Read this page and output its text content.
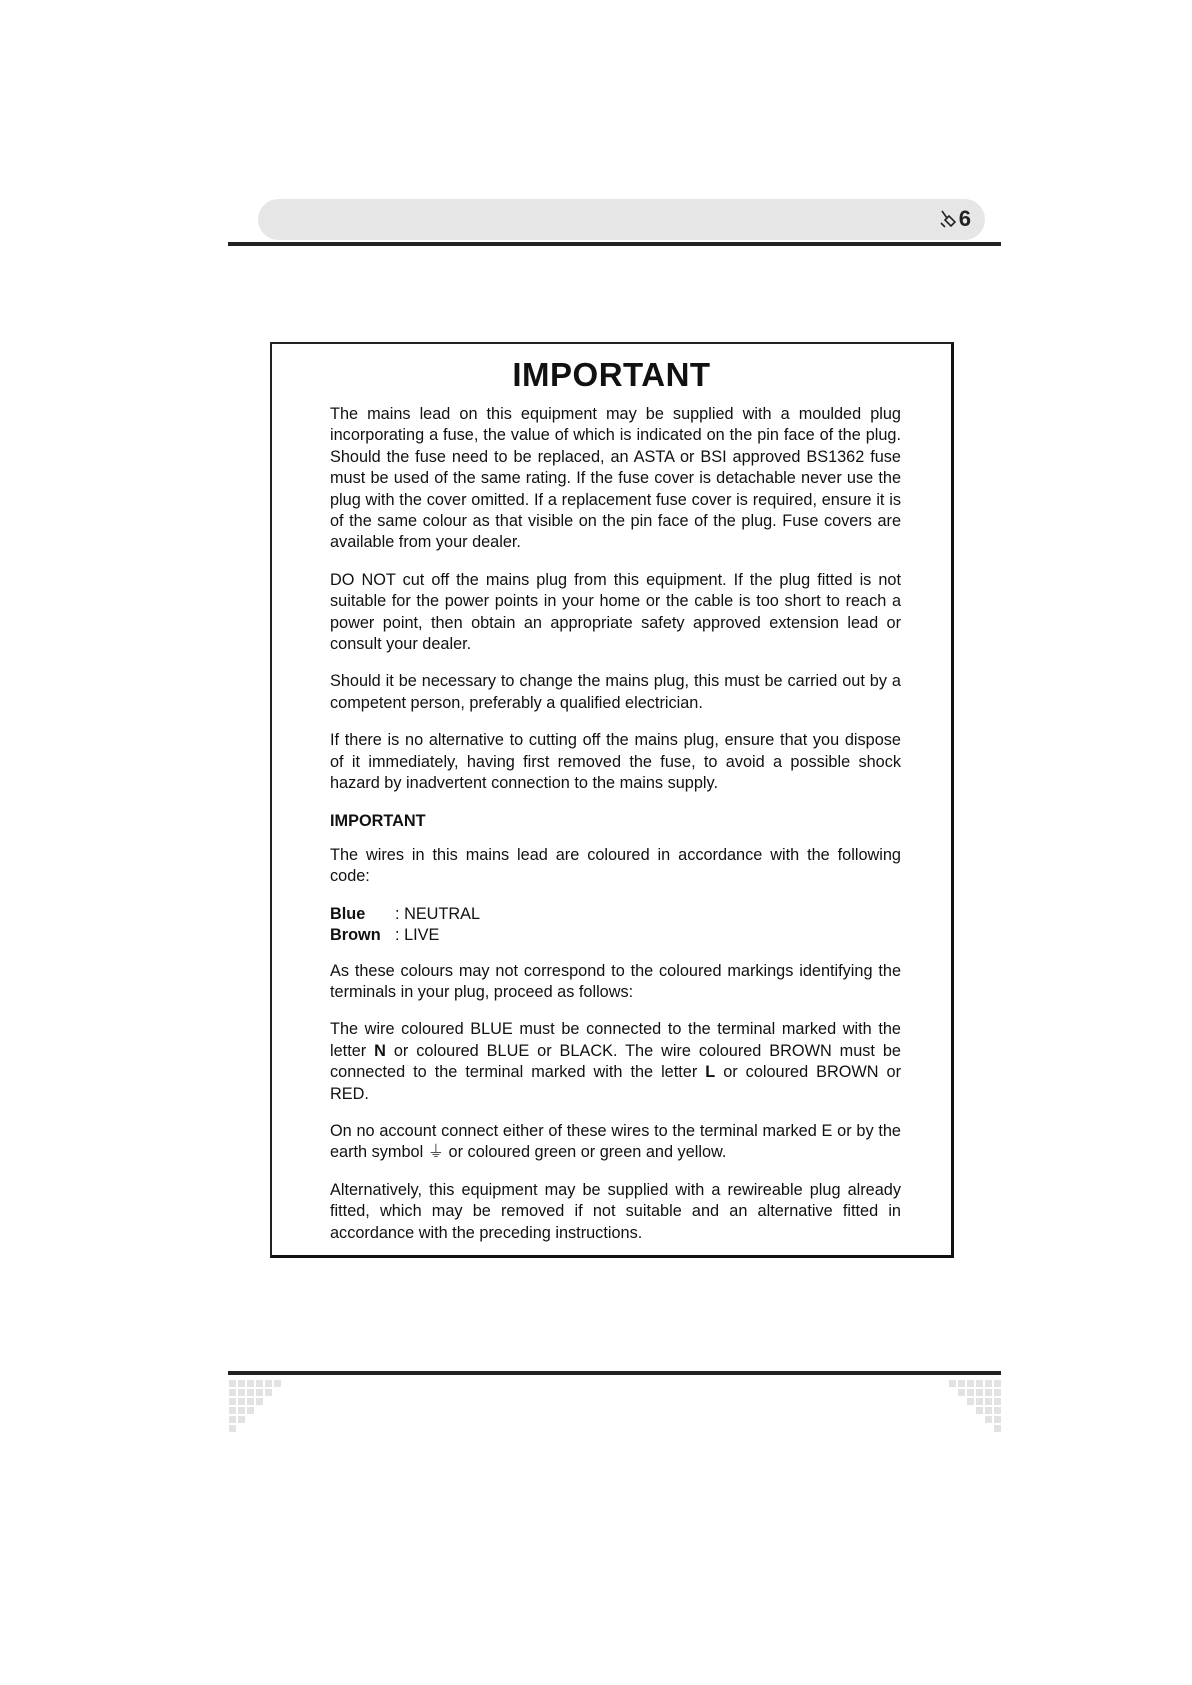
6
IMPORTANT

The mains lead on this equipment may be supplied with a moulded plug incorporating a fuse, the value of which is indicated on the pin face of the plug. Should the fuse need to be replaced, an ASTA or BSI approved BS1362 fuse must be used of the same rating. If the fuse cover is detachable never use the plug with the cover omitted. If a replacement fuse cover is required, ensure it is of the same colour as that visible on the pin face of the plug. Fuse covers are available from your dealer.

DO NOT cut off the mains plug from this equipment. If the plug fitted is not suitable for the power points in your home or the cable is too short to reach a power point, then obtain an appropriate safety approved extension lead or consult your dealer.

Should it be necessary to change the mains plug, this must be carried out by a competent person, preferably a qualified electrician.

If there is no alternative to cutting off the mains plug, ensure that you dispose of it immediately, having first removed the fuse, to avoid a possible shock hazard by inadvertent connection to the mains supply.

IMPORTANT

The wires in this mains lead are coloured in accordance with the following code:

Blue	:
NEUTRAL
Brown :
LIVE

As these colours may not correspond to the coloured markings identifying the terminals in your plug, proceed as follows:

The wire coloured BLUE must be connected to the terminal marked with the letter N or coloured BLUE or BLACK. The wire coloured BROWN must be connected to the terminal marked with the letter L or coloured BROWN or RED.

On no account connect either of these wires to the terminal marked E or by the earth symbol ⏚ or coloured green or green and yellow.

Alternatively, this equipment may be supplied with a rewireable plug already fitted, which may be removed if not suitable and an alternative fitted in accordance with the preceding instructions.
